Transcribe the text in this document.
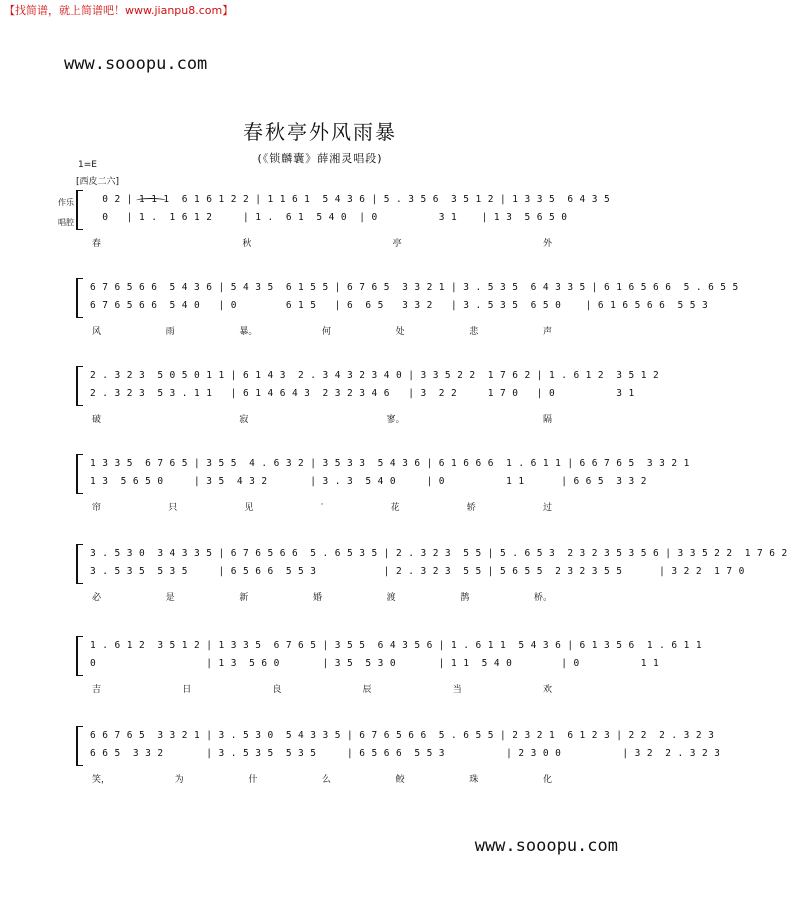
【找简谱，就上简谱吧！www.jianpu8.com】
www.sooopu.com
春秋亭外风雨暴
(《锁麟囊》薛湘灵唱段)
1=E
[西皮二六]
作乐
唱腔
0 2 | 1 1 1  6 1 6 1 2 2 | 1 1 6 1  5 4 3 6 | 5 . 3 5 6  3 5 1 2 | 1 3 3 5  6 4 3 5
0   | 1 .  1 6 1 2     | 1 .  6 1  5 4 0  | 0          3 1    | 1 3  5 6 5 0
春	秋	亭	外
6 7 6 5 6 6  5 4 3 6 | 5 4 3 5  6 1 5 5 | 6 7 6 5  3 3 2 1 | 3 . 5 3 5  6 4 3 3 5 | 6 1 6 5 6 6  5 . 6 5 5
6 7 6 5 6 6  5 4 0   | 0        6 1 5   | 6  6 5   3 3 2   | 3 . 5 3 5  6 5 0    | 6 1 6 5 6 6  5 5 3
风	雨	暴。	何	处	悲	声
2 . 3 2 3  5 0 5 0 1 1 | 6 1 4 3  2 . 3 4 3 2 3 4 0 | 3 3 5 2 2  1 7 6 2 | 1 . 6 1 2  3 5 1 2
2 . 3 2 3  5 3 . 1 1   | 6 1 4 6 4 3  2 3 2 3 4 6   | 3  2 2     1 7 0   | 0          3 1
破	寂	寥。	隔
1 3 3 5  6 7 6 5 | 3 5 5  4 . 6 3 2 | 3 5 3 3  5 4 3 6 | 6 1 6 6 6  1 . 6 1 1 | 6 6 7 6 5  3 3 2 1
1 3  5 6 5 0     | 3 5  4 3 2       | 3 . 3  5 4 0     | 0          1 1      | 6 6 5  3 3 2
帘	只	见	·	花	轿	过
3 . 5 3 0  3 4 3 3 5 | 6 7 6 5 6 6  5 . 6 5 3 5 | 2 . 3 2 3  5 5 | 5 . 6 5 3  2 3 2 3 5 3 5 6 | 3 3 5 2 2  1 7 6 2
3 . 5 3 5  5 3 5     | 6 5 6 6  5 5 3           | 2 . 3 2 3  5 5 | 5 6 5 5  2 3 2 3 5 5      | 3 2 2  1 7 0
必	是	新	婚	渡	鹊	桥。
1 . 6 1 2  3 5 1 2 | 1 3 3 5  6 7 6 5 | 3 5 5  6 4 3 5 6 | 1 . 6 1 1  5 4 3 6 | 6 1 3 5 6  1 . 6 1 1
0                  | 1 3  5 6 0       | 3 5  5 3 0       | 1 1  5 4 0        | 0          1 1
吉	日	良	辰	当	欢
6 6 7 6 5  3 3 2 1 | 3 . 5 3 0  5 4 3 3 5 | 6 7 6 5 6 6  5 . 6 5 5 | 2 3 2 1  6 1 2 3 | 2 2  2 . 3 2 3
6 6 5  3 3 2       | 3 . 5 3 5  5 3 5     | 6 5 6 6  5 5 3          | 2 3 0 0          | 3 2  2 . 3 2 3
笑，	为	什	么	鲛	珠	化
www.sooopu.com
